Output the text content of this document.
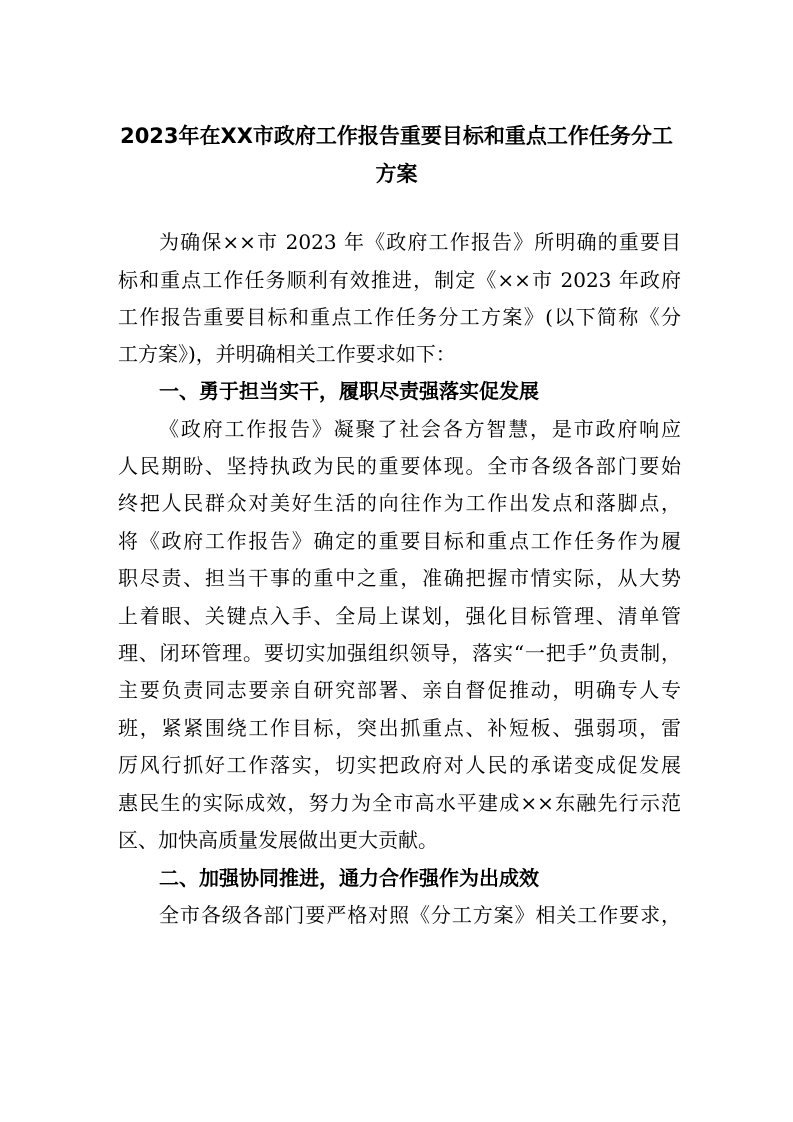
2023年在XX市政府工作报告重要目标和重点工作任务分工
方案

为确保××市 2023 年《政府工作报告》所明确的重要目

标和重点工作任务顺利有效推进，制定《××市 2023 年政府

工作报告重要目标和重点工作任务分工方案》(以下简称《分

工方案》)，并明确相关工作要求如下：

一、勇于担当实干，履职尽责强落实促发展

《政府工作报告》凝聚了社会各方智慧，是市政府响应

人民期盼、坚持执政为民的重要体现。全市各级各部门要始

终把人民群众对美好生活的向往作为工作出发点和落脚点，

将《政府工作报告》确定的重要目标和重点工作任务作为履

职尽责、担当干事的重中之重，准确把握市情实际，从大势

上着眼、关键点入手、全局上谋划，强化目标管理、清单管

理、闭环管理。要切实加强组织领导，落实“一把手”负责制，

主要负责同志要亲自研究部署、亲自督促推动，明确专人专

班，紧紧围绕工作目标，突出抓重点、补短板、强弱项，雷

厉风行抓好工作落实，切实把政府对人民的承诺变成促发展

惠民生的实际成效，努力为全市高水平建成××东融先行示范

区、加快高质量发展做出更大贡献。

二、加强协同推进，通力合作强作为出成效

全市各级各部门要严格对照《分工方案》相关工作要求，
